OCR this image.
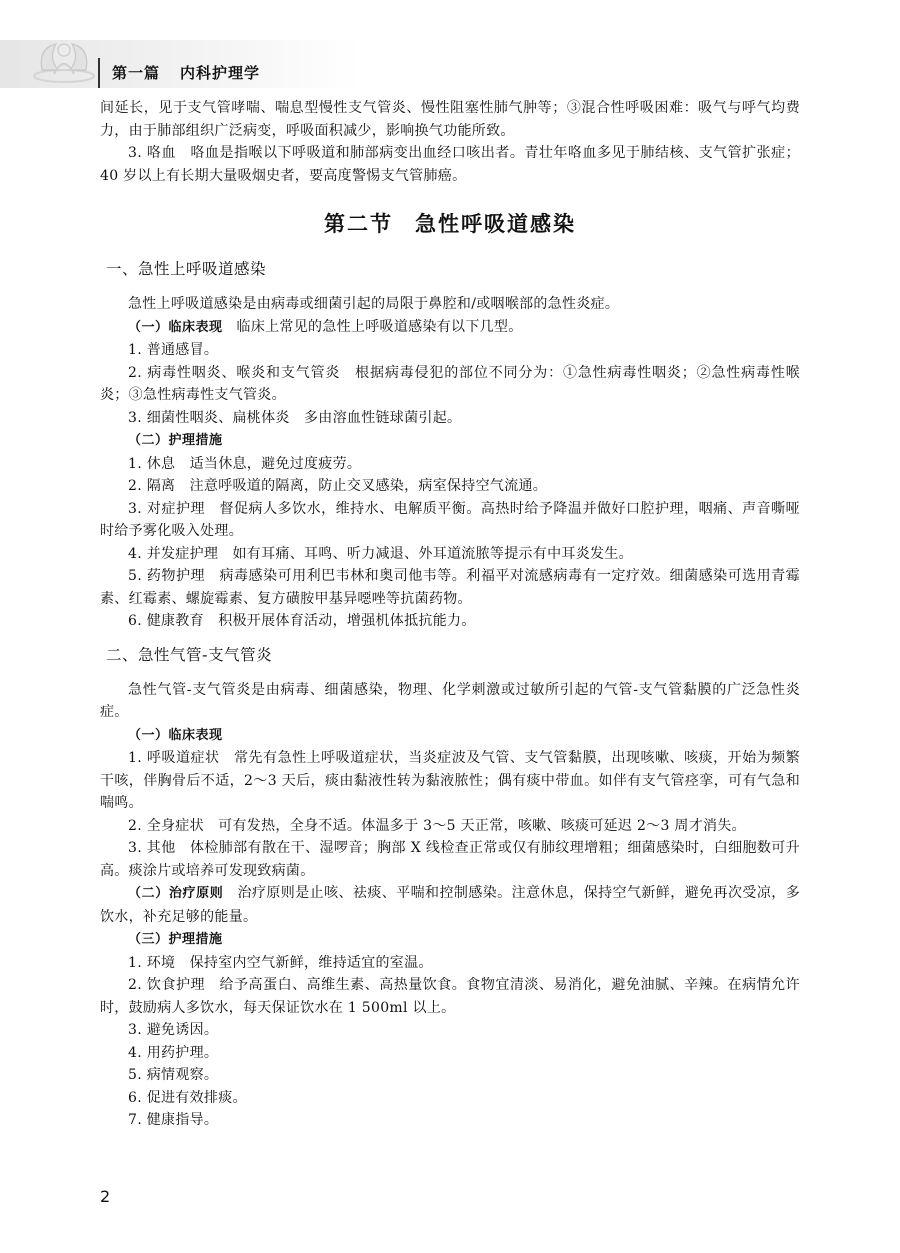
第一篇 内科护理学

间延长，见于支气管哮喘、喘息型慢性支气管炎、慢性阻塞性肺气肿等；③混合性呼吸困难：吸气与呼气均费力，由于肺部组织广泛病变，呼吸面积减少，影响换气功能所致。

3. 咯血　咯血是指喉以下呼吸道和肺部病变出血经口咳出者。青壮年咯血多见于肺结核、支气管扩张症；40 岁以上有长期大量吸烟史者，要高度警惕支气管肺癌。

第二节 急性呼吸道感染
一、急性上呼吸道感染

急性上呼吸道感染是由病毒或细菌引起的局限于鼻腔和/或咽喉部的急性炎症。

（一）临床表现 临床上常见的急性上呼吸道感染有以下几型。

1. 普通感冒。

2. 病毒性咽炎、喉炎和支气管炎　根据病毒侵犯的部位不同分为：①急性病毒性咽炎；②急性病毒性喉炎；③急性病毒性支气管炎。

3. 细菌性咽炎、扁桃体炎　多由溶血性链球菌引起。

（二）护理措施

1. 休息　适当休息，避免过度疲劳。

2. 隔离　注意呼吸道的隔离，防止交叉感染，病室保持空气流通。

3. 对症护理　督促病人多饮水，维持水、电解质平衡。高热时给予降温并做好口腔护理，咽痛、声音嘶哑时给予雾化吸入处理。

4. 并发症护理　如有耳痛、耳鸣、听力减退、外耳道流脓等提示有中耳炎发生。

5. 药物护理　病毒感染可用利巴韦林和奥司他韦等。利福平对流感病毒有一定疗效。细菌感染可选用青霉素、红霉素、螺旋霉素、复方磺胺甲基异噁唑等抗菌药物。

6. 健康教育　积极开展体育活动，增强机体抵抗能力。

二、急性气管-支气管炎

急性气管-支气管炎是由病毒、细菌感染，物理、化学刺激或过敏所引起的气管-支气管黏膜的广泛急性炎症。

（一）临床表现

1. 呼吸道症状　常先有急性上呼吸道症状，当炎症波及气管、支气管黏膜，出现咳嗽、咳痰，开始为频繁干咳，伴胸骨后不适，2～3 天后，痰由黏液性转为黏液脓性；偶有痰中带血。如伴有支气管痉挛，可有气急和喘鸣。

2. 全身症状　可有发热，全身不适。体温多于 3～5 天正常，咳嗽、咳痰可延迟 2～3 周才消失。

3. 其他　体检肺部有散在干、湿啰音；胸部 X 线检查正常或仅有肺纹理增粗；细菌感染时，白细胞数可升高。痰涂片或培养可发现致病菌。

（二）治疗原则 治疗原则是止咳、祛痰、平喘和控制感染。注意休息，保持空气新鲜，避免再次受凉，多饮水，补充足够的能量。

（三）护理措施

1. 环境　保持室内空气新鲜，维持适宜的室温。

2. 饮食护理　给予高蛋白、高维生素、高热量饮食。食物宜清淡、易消化，避免油腻、辛辣。在病情允许时，鼓励病人多饮水，每天保证饮水在 1 500ml 以上。

3. 避免诱因。

4. 用药护理。

5. 病情观察。

6. 促进有效排痰。

7. 健康指导。

2
